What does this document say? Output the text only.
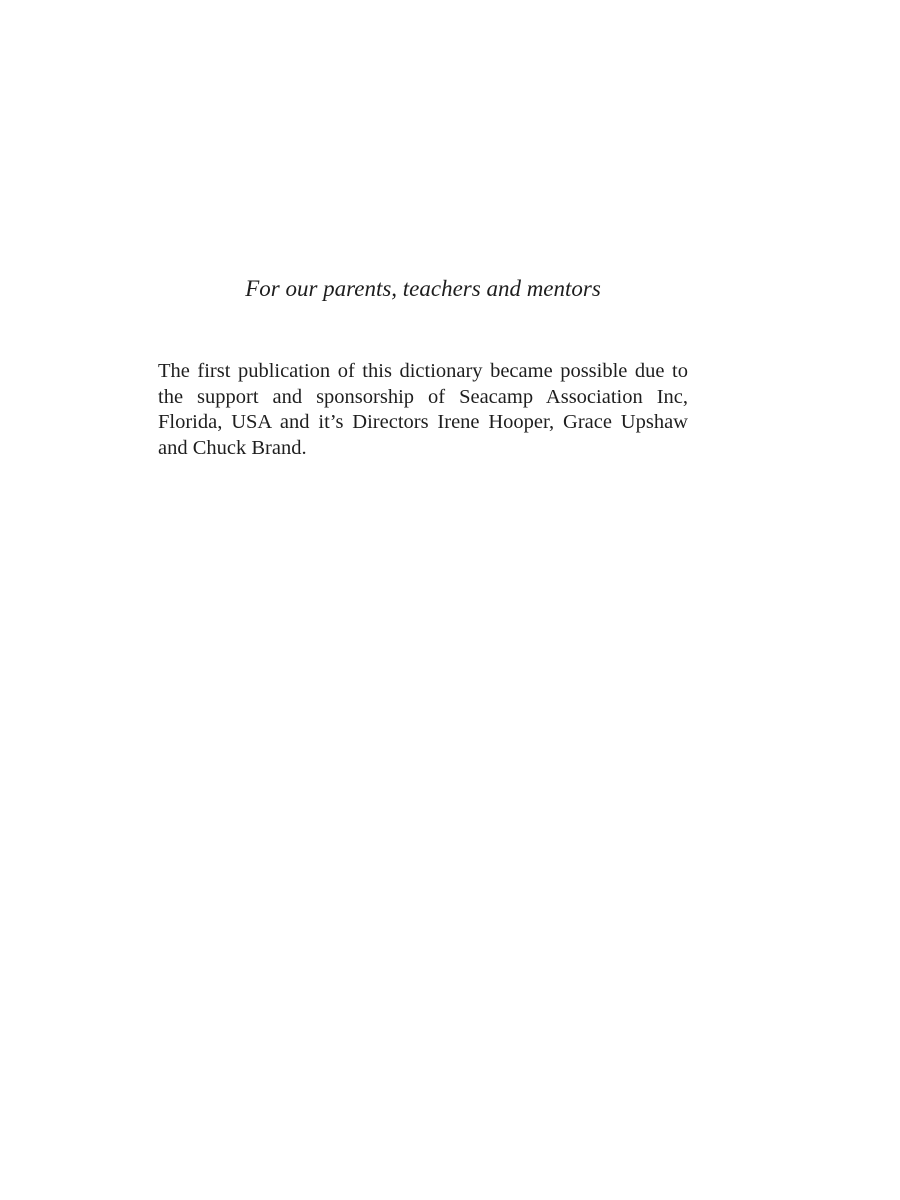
For our parents, teachers and mentors

The first publication of this dictionary became possible due to
the support and sponsorship of Seacamp Association Inc,
Florida, USA and it’s Directors Irene Hooper, Grace Upshaw
and Chuck Brand.
